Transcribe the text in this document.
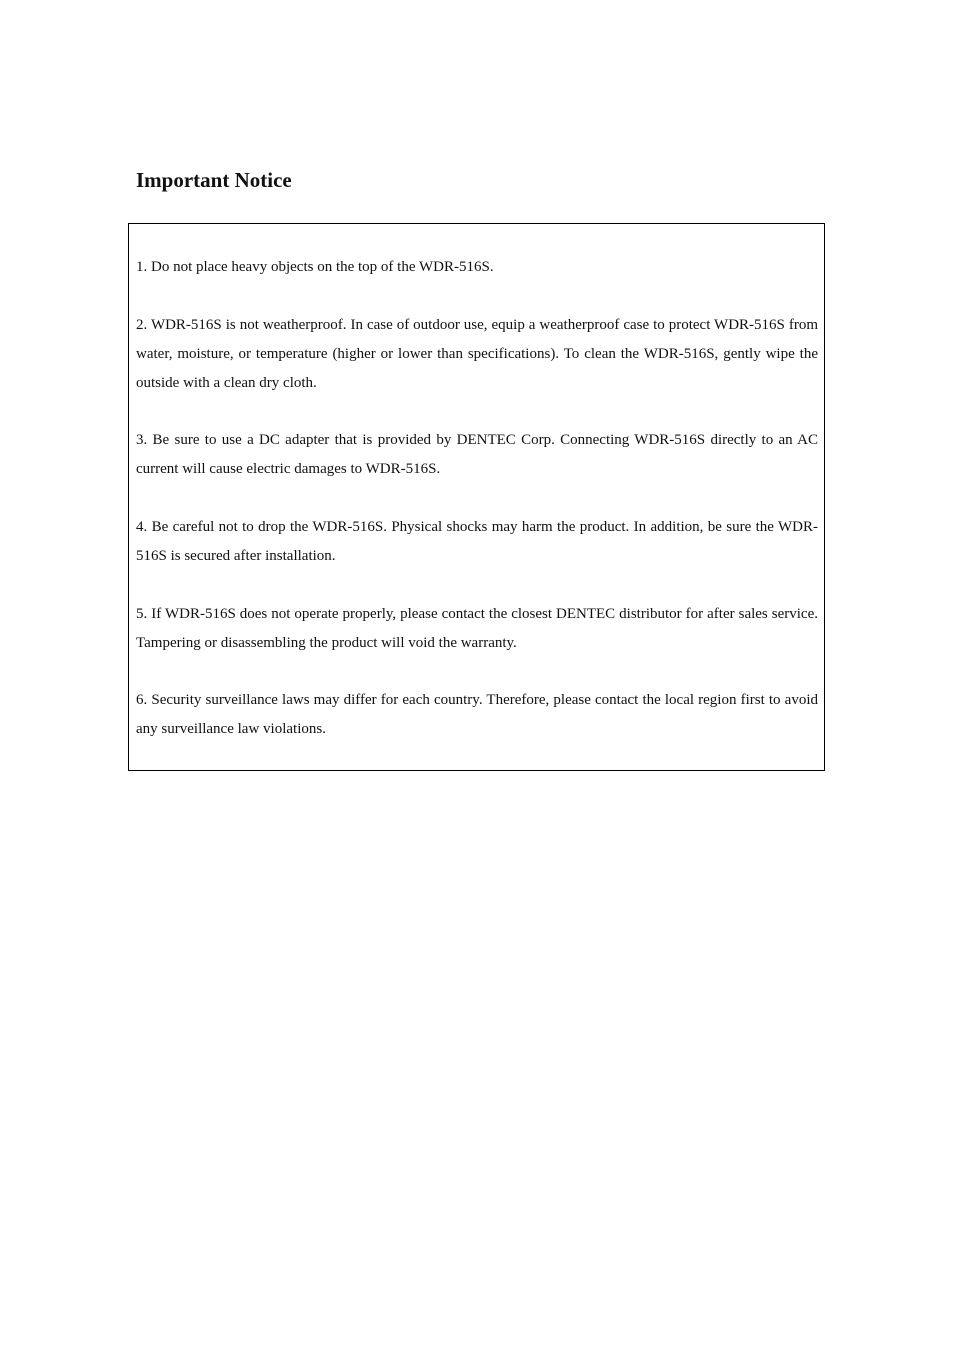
Important Notice

1. Do not place heavy objects on the top of the WDR-516S.

2. WDR-516S is not weatherproof. In case of outdoor use, equip a weatherproof case to protect WDR-516S from water, moisture, or temperature (higher or lower than specifications). To clean the WDR-516S, gently wipe the outside with a clean dry cloth.

3. Be sure to use a DC adapter that is provided by DENTEC Corp. Connecting WDR-516S directly to an AC current will cause electric damages to WDR-516S.

4. Be careful not to drop the WDR-516S. Physical shocks may harm the product. In addition, be sure the WDR-516S is secured after installation.

5. If WDR-516S does not operate properly, please contact the closest DENTEC distributor for after sales service. Tampering or disassembling the product will void the warranty.

6. Security surveillance laws may differ for each country. Therefore, please contact the local region first to avoid any surveillance law violations.
